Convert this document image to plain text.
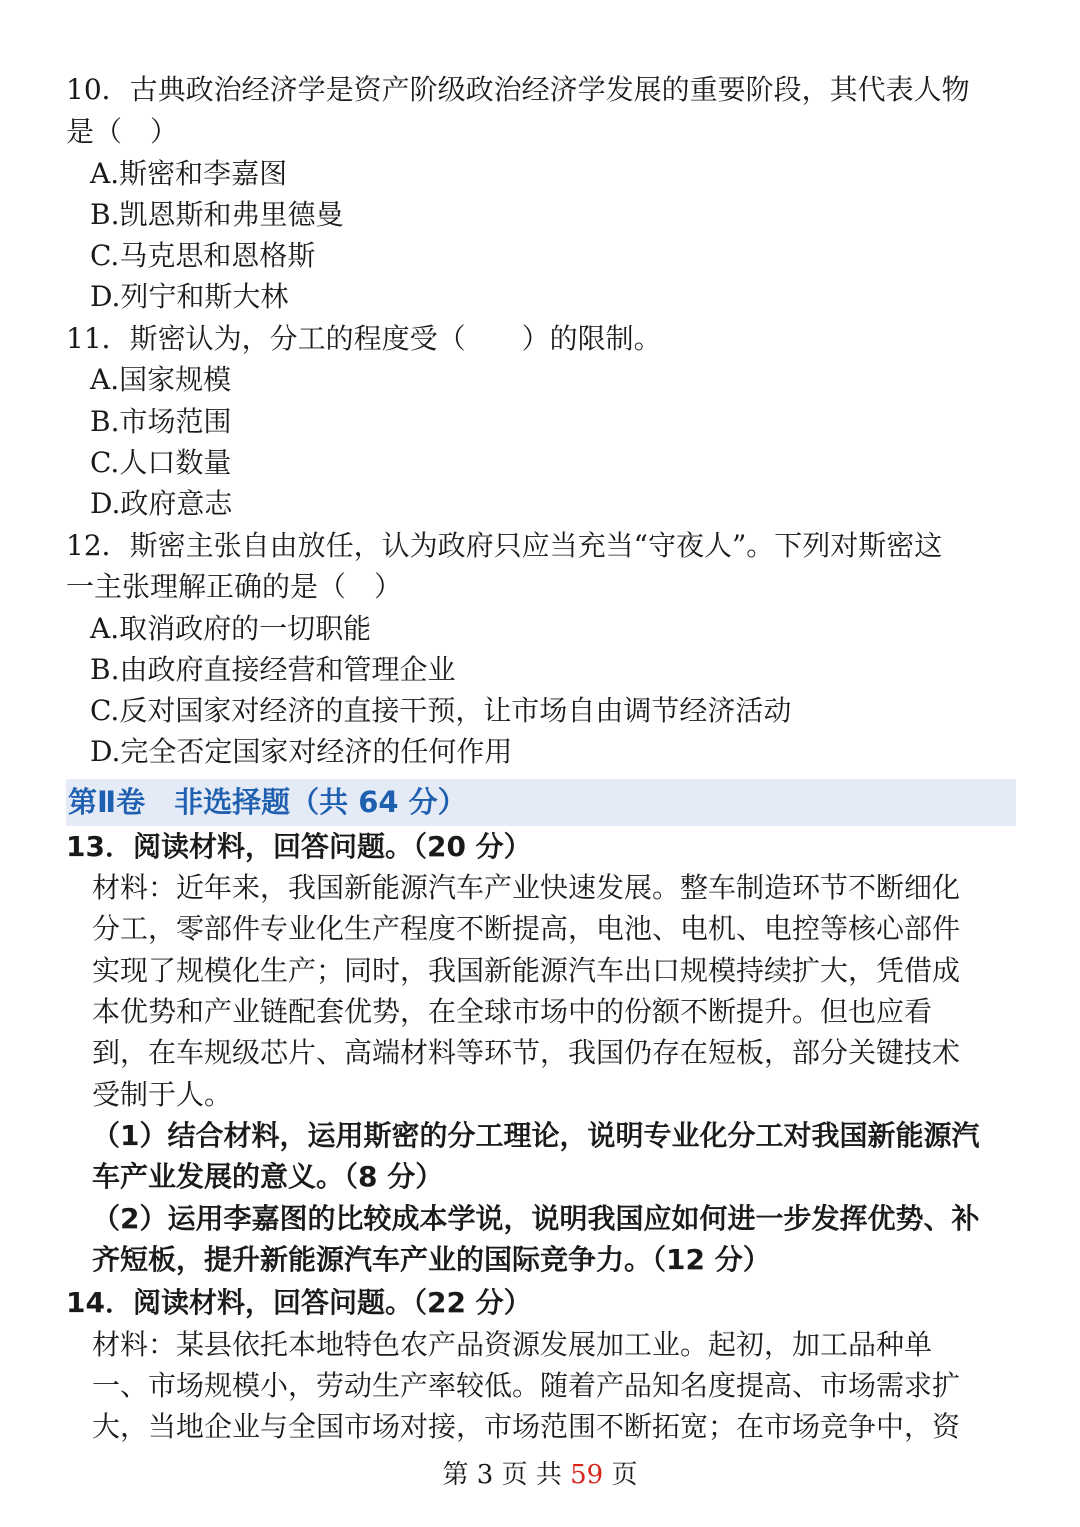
10．古典政治经济学是资产阶级政治经济学发展的重要阶段，其代表人物
是（　）
A.斯密和李嘉图
B.凯恩斯和弗里德曼
C.马克思和恩格斯
D.列宁和斯大林
11．斯密认为，分工的程度受（　　）的限制。
A.国家规模
B.市场范围
C.人口数量
D.政府意志
12．斯密主张自由放任，认为政府只应当充当“守夜人”。下列对斯密这
一主张理解正确的是（　）
A.取消政府的一切职能
B.由政府直接经营和管理企业
C.反对国家对经济的直接干预，让市场自由调节经济活动
D.完全否定国家对经济的任何作用
第Ⅱ卷　非选择题（共 64 分）
13．阅读材料，回答问题。（20 分）
材料：近年来，我国新能源汽车产业快速发展。整车制造环节不断细化
分工，零部件专业化生产程度不断提高，电池、电机、电控等核心部件
实现了规模化生产；同时，我国新能源汽车出口规模持续扩大，凭借成
本优势和产业链配套优势，在全球市场中的份额不断提升。但也应看
到，在车规级芯片、高端材料等环节，我国仍存在短板，部分关键技术
受制于人。
（1）结合材料，运用斯密的分工理论，说明专业化分工对我国新能源汽
车产业发展的意义。（8 分）
（2）运用李嘉图的比较成本学说，说明我国应如何进一步发挥优势、补
齐短板，提升新能源汽车产业的国际竞争力。（12 分）
14．阅读材料，回答问题。（22 分）
材料：某县依托本地特色农产品资源发展加工业。起初，加工品种单
一、市场规模小，劳动生产率较低。随着产品知名度提高、市场需求扩
大，当地企业与全国市场对接，市场范围不断拓宽；在市场竞争中，资
第 3 页 共 59 页
